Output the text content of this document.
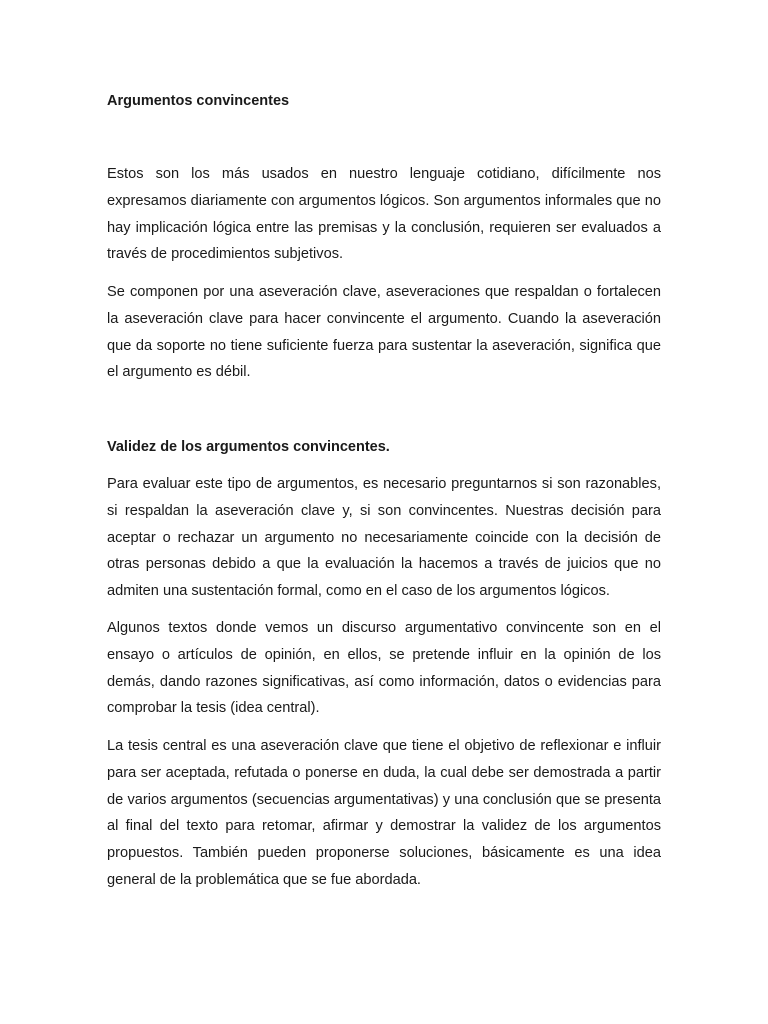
Argumentos convincentes

Estos son los más usados en nuestro lenguaje cotidiano, difícilmente nos expresamos diariamente con argumentos lógicos. Son argumentos informales que no hay implicación lógica entre las premisas y la conclusión, requieren ser evaluados a través de procedimientos subjetivos.

Se componen por una aseveración clave, aseveraciones que respaldan o fortalecen la aseveración clave para hacer convincente el argumento. Cuando la aseveración que da soporte no tiene suficiente fuerza para sustentar la aseveración, significa que el argumento es débil.

Validez de los argumentos convincentes.

Para evaluar este tipo de argumentos, es necesario preguntarnos si son razonables, si respaldan la aseveración clave y, si son convincentes. Nuestras decisión para aceptar o rechazar un argumento no necesariamente coincide con la decisión de otras personas debido a que la evaluación la hacemos a través de juicios que no admiten una sustentación formal, como en el caso de los argumentos lógicos.

Algunos textos donde vemos un discurso argumentativo convincente son en el ensayo o artículos de opinión, en ellos, se pretende influir en la opinión de los demás, dando razones significativas, así como información, datos o evidencias para comprobar la tesis (idea central).

La tesis central es una aseveración clave que tiene el objetivo de reflexionar e influir para ser aceptada, refutada o ponerse en duda, la cual debe ser demostrada a partir de varios argumentos (secuencias argumentativas) y una conclusión que se presenta al final del texto para retomar, afirmar y demostrar la validez de los argumentos propuestos. También pueden proponerse soluciones, básicamente es una idea general de la problemática que se fue abordada.
